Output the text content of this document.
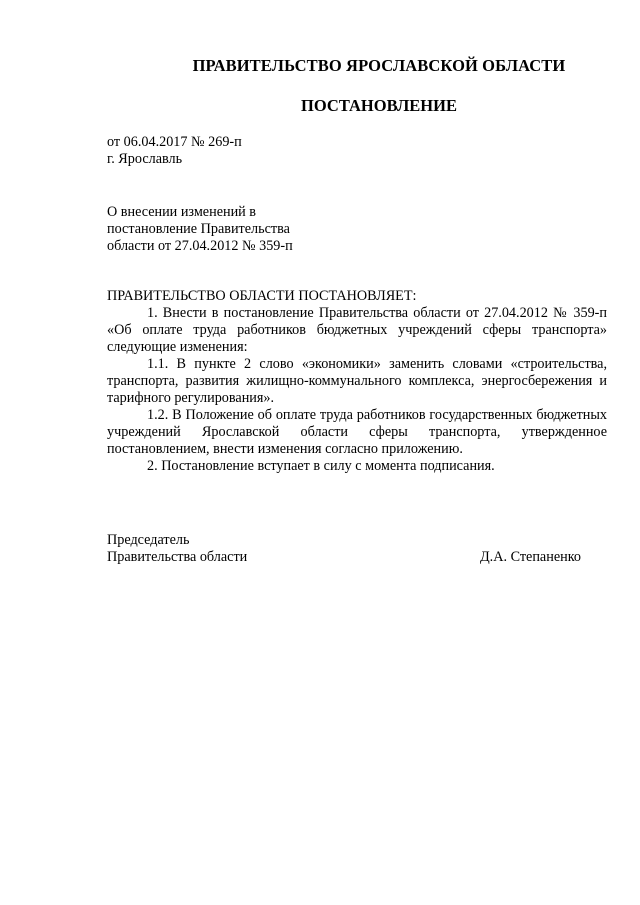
ПРАВИТЕЛЬСТВО ЯРОСЛАВСКОЙ ОБЛАСТИ
ПОСТАНОВЛЕНИЕ
от 06.04.2017 № 269-п
г. Ярославль
О внесении изменений в
постановление Правительства
области от 27.04.2012 № 359-п

ПРАВИТЕЛЬСТВО ОБЛАСТИ ПОСТАНОВЛЯЕТ:

1. Внести в постановление Правительства области от 27.04.2012 № 359-п «Об оплате труда работников бюджетных учреждений сферы транспорта» следующие изменения:

1.1. В пункте 2 слово «экономики» заменить словами «строительства, транспорта, развития жилищно-коммунального комплекса, энергосбережения и тарифного регулирования».

1.2. В Положение об оплате труда работников государственных бюджетных учреждений Ярославской области сферы транспорта, утвержденное постановлением, внести изменения согласно приложению.

2. Постановление вступает в силу с момента подписания.

Председатель
Правительства области	Д.А. Степаненко
